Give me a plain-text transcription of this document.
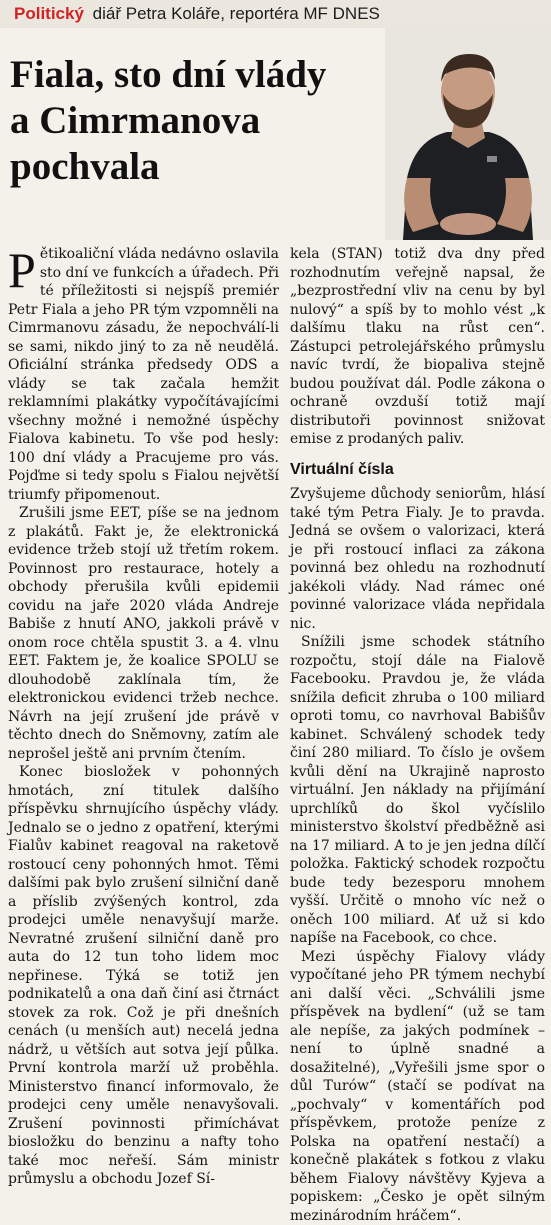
Politický diář Petra Koláře, reportéra MF DNES
Fiala, sto dní vlády a Cimrmanova pochvala

Pětikoaliční vláda nedávno oslavila sto dní ve funkcích a úřadech. Při té příležitosti si nejspíš premiér Petr Fiala a jeho PR tým vzpomněli na Cimrmanovu zásadu, že nepochválí-li se sami, nikdo jiný to za ně neudělá. Oficiální stránka předsedy ODS a vlády se tak začala hemžit reklamními plakátky vypočítávajícími všechny možné i nemožné úspěchy Fialova kabinetu. To vše pod hesly: 100 dní vlády a Pracujeme pro vás. Pojďme si tedy spolu s Fialou největší triumfy připomenout.

Zrušili jsme EET, píše se na jednom z plakátů. Fakt je, že elektronická evidence tržeb stojí už třetím rokem. Povinnost pro restaurace, hotely a obchody přerušila kvůli epidemii covidu na jaře 2020 vláda Andreje Babiše z hnutí ANO, jakkoli právě v onom roce chtěla spustit 3. a 4. vlnu EET. Faktem je, že koalice SPOLU se dlouhodobě zaklínala tím, že elektronickou evidenci tržeb nechce. Návrh na její zrušení jde právě v těchto dnech do Sněmovny, zatím ale neprošel ještě ani prvním čtením.

Konec biosložek v pohonných hmotách, zní titulek dalšího příspěvku shrnujícího úspěchy vlády. Jednalo se o jedno z opatření, kterými Fialův kabinet reagoval na raketově rostoucí ceny pohonných hmot. Těmi dalšími pak bylo zrušení silniční daně a příslib zvýšených kontrol, zda prodejci uměle nenavyšují marže. Nevratné zrušení silniční daně pro auta do 12 tun toho lidem moc nepřinese. Týká se totiž jen podnikatelů a ona daň činí asi čtrnáct stovek za rok. Což je při dnešních cenách (u menších aut) necelá jedna nádrž, u větších aut sotva její půlka. První kontrola marží už proběhla. Ministerstvo financí informovalo, že prodejci ceny uměle nenavyšovali. Zrušení povinnosti přimíchávat biosložku do benzinu a nafty toho také moc neřeší. Sám ministr průmyslu a obchodu Jozef Sí-

kela (STAN) totiž dva dny před rozhodnutím veřejně napsal, že „bezprostřední vliv na cenu by byl nulový“ a spíš by to mohlo vést „k dalšímu tlaku na růst cen“. Zástupci petrolejářského průmyslu navíc tvrdí, že biopaliva stejně budou používat dál. Podle zákona o ochraně ovzduší totiž mají distributoři povinnost snižovat emise z prodaných paliv.

Virtuální čísla

Zvyšujeme důchody seniorům, hlásí také tým Petra Fialy. Je to pravda. Jedná se ovšem o valorizaci, která je při rostoucí inflaci za zákona povinná bez ohledu na rozhodnutí jakékoli vlády. Nad rámec oné povinné valorizace vláda nepřidala nic.

Snížili jsme schodek státního rozpočtu, stojí dále na Fialově Facebooku. Pravdou je, že vláda snížila deficit zhruba o 100 miliard oproti tomu, co navrhoval Babišův kabinet. Schválený schodek tedy činí 280 miliard. To číslo je ovšem kvůli dění na Ukrajině naprosto virtuální. Jen náklady na přijímání uprchlíků do škol vyčíslilo ministerstvo školství předběžně asi na 17 miliard. A to je jen jedna dílčí položka. Faktický schodek rozpočtu bude tedy bezesporu mnohem vyšší. Určitě o mnoho víc než o oněch 100 miliard. Ať už si kdo napíše na Facebook, co chce.

Mezi úspěchy Fialovy vlády vypočítané jeho PR týmem nechybí ani další věci. „Schválili jsme příspěvek na bydlení“ (už se tam ale nepíše, za jakých podmínek – není to úplně snadné a dosažitelné), „Vyřešili jsme spor o důl Turów“ (stačí se podívat na „pochvaly“ v komentářích pod příspěvkem, protože peníze z Polska na opatření nestačí) a konečně plakátek s fotkou z vlaku během Fialovy návštěvy Kyjeva a popiskem: „Česko je opět silným mezinárodním hráčem“.
